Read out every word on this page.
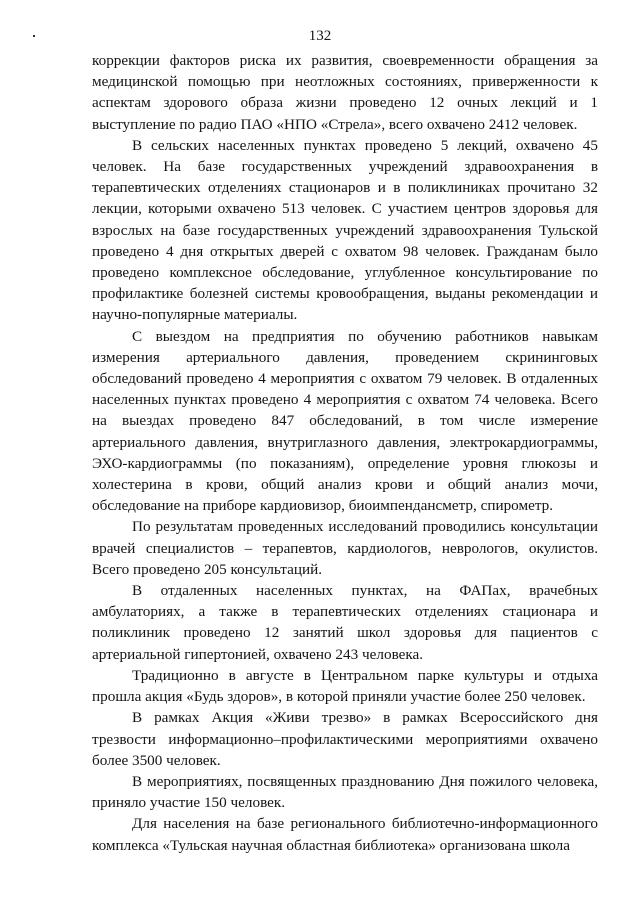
132

коррекции факторов риска их развития, своевременности обращения за медицинской помощью при неотложных состояниях, приверженности к аспектам здорового образа жизни проведено 12 очных лекций и 1 выступление по радио ПАО «НПО «Стрела», всего охвачено 2412 человек.

В сельских населенных пунктах проведено 5 лекций, охвачено 45 человек. На базе государственных учреждений здравоохранения в терапевтических отделениях стационаров и в поликлиниках прочитано 32 лекции, которыми охвачено 513 человек. С участием центров здоровья для взрослых на базе государственных учреждений здравоохранения Тульской проведено 4 дня открытых дверей с охватом 98 человек. Гражданам было проведено комплексное обследование, углубленное консультирование по профилактике болезней системы кровообращения, выданы рекомендации и научно-популярные материалы.

С выездом на предприятия по обучению работников навыкам измерения артериального давления, проведением скрининговых обследований проведено 4 мероприятия с охватом 79 человек. В отдаленных населенных пунктах проведено 4 мероприятия с охватом 74 человека. Всего на выездах проведено 847 обследований, в том числе измерение артериального давления, внутриглазного давления, электрокардиограммы, ЭХО-кардиограммы (по показаниям), определение уровня глюкозы и холестерина в крови, общий анализ крови и общий анализ мочи, обследование на приборе кардиовизор, биоимпендансметр, спирометр.

По результатам проведенных исследований проводились консультации врачей специалистов – терапевтов, кардиологов, неврологов, окулистов. Всего проведено 205 консультаций.

В отдаленных населенных пунктах, на ФАПах, врачебных амбулаториях, а также в терапевтических отделениях стационара и поликлиник проведено 12 занятий школ здоровья для пациентов с артериальной гипертонией, охвачено 243 человека.

Традиционно в августе в Центральном парке культуры и отдыха прошла акция «Будь здоров», в которой приняли участие более 250 человек.

В рамках Акция «Живи трезво» в рамках Всероссийского дня трезвости информационно–профилактическими мероприятиями охвачено более 3500 человек.

В мероприятиях, посвященных празднованию Дня пожилого человека, приняло участие 150 человек.

Для населения на базе регионального библиотечно-информационного комплекса «Тульская научная областная библиотека» организована школа
